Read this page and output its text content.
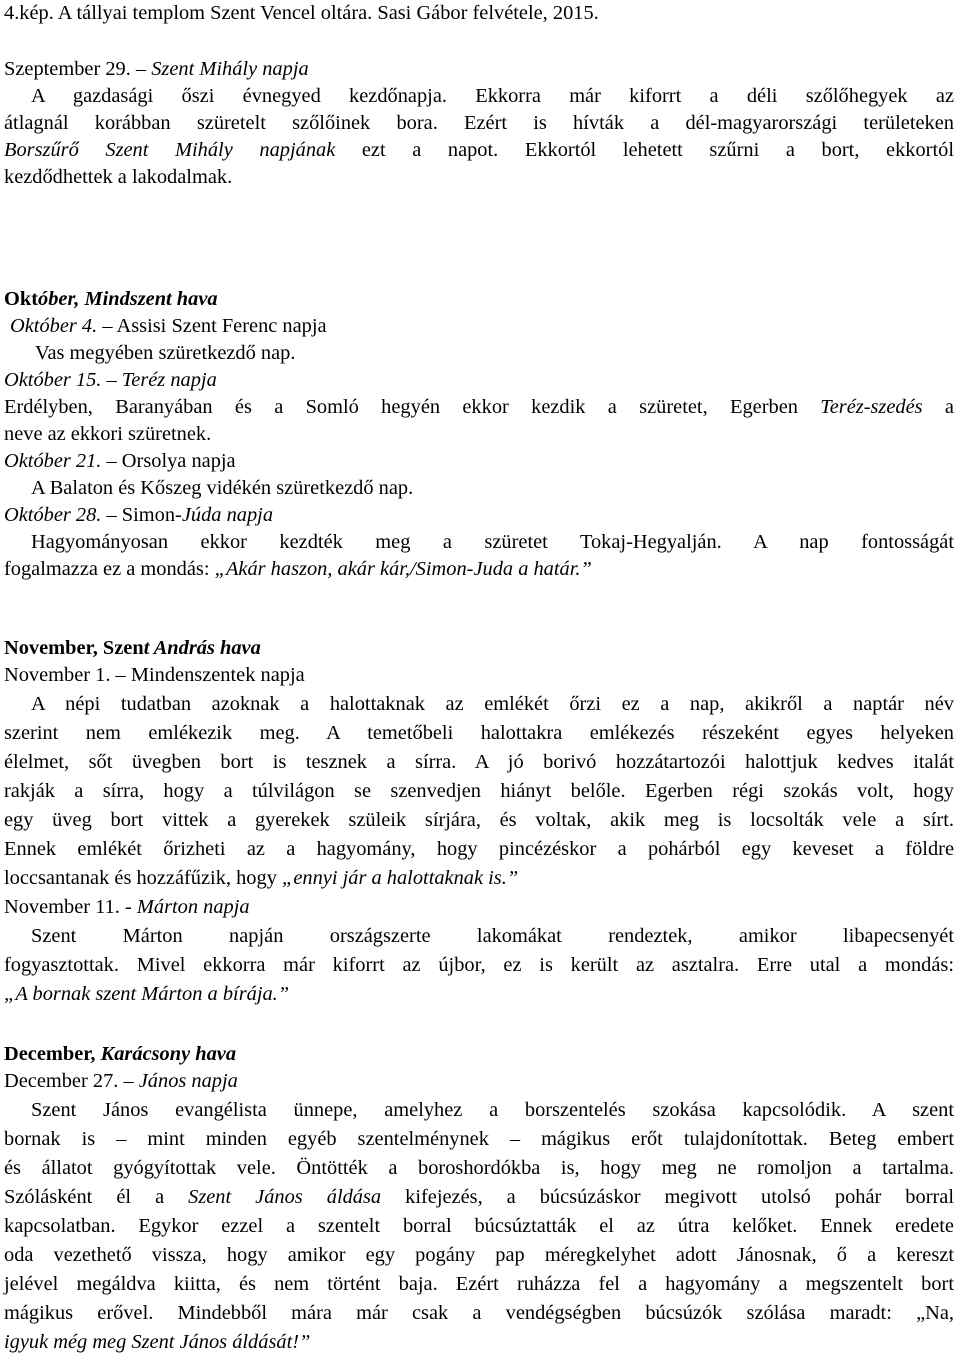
4.kép. A tállyai templom Szent Vencel oltára. Sasi Gábor felvétele, 2015.
Szeptember 29. – Szent Mihály napja
A gazdasági őszi évnegyed kezdőnapja. Ekkorra már kiforrt a déli szőlőhegyek az
átlagnál korábban szüretelt szőlőinek bora. Ezért is hívták a dél-magyarországi területeken
Borszűrő Szent Mihály napjának ezt a napot. Ekkortól lehetett szűrni a bort, ekkortól
kezdődhettek a lakodalmak.
Október, Mindszent hava
Október 4. – Assisi Szent Ferenc napja
Vas megyében szüretkezdő nap.
Október 15. – Teréz napja
Erdélyben, Baranyában és a Somló hegyén ekkor kezdik a szüretet, Egerben Teréz-szedés a
neve az ekkori szüretnek.
Október 21. – Orsolya napja
A Balaton és Kőszeg vidékén szüretkezdő nap.
Október 28. – Simon-Júda napja
Hagyományosan ekkor kezdték meg a szüretet Tokaj-Hegyalján. A nap fontosságát
fogalmazza ez a mondás: „Akár haszon, akár kár,/Simon-Juda a határ.”
November, Szent András hava
November 1. – Mindenszentek napja
A népi tudatban azoknak a halottaknak az emlékét őrzi ez a nap, akikről a naptár név
szerint nem emlékezik meg. A temetőbeli halottakra emlékezés részeként egyes helyeken
élelmet, sőt üvegben bort is tesznek a sírra. A jó borivó hozzátartozói halottjuk kedves italát
rakják a sírra, hogy a túlvilágon se szenvedjen hiányt belőle. Egerben régi szokás volt, hogy
egy üveg bort vittek a gyerekek szüleik sírjára, és voltak, akik meg is locsolták vele a sírt.
Ennek emlékét őrizheti az a hagyomány, hogy pincézéskor a pohárból egy keveset a földre
loccsantanak és hozzáfűzik, hogy „ennyi jár a halottaknak is.”
November 11. - Márton napja
Szent Márton napján országszerte lakomákat rendeztek, amikor libapecsenyét
fogyasztottak. Mivel ekkorra már kiforrt az újbor, ez is került az asztalra. Erre utal a mondás:
„A bornak szent Márton a bírája.”
December, Karácsony hava
December 27. – János napja
Szent János evangélista ünnepe, amelyhez a borszentelés szokása kapcsolódik. A szent
bornak is – mint minden egyéb szentelménynek – mágikus erőt tulajdonítottak. Beteg embert
és állatot gyógyítottak vele. Öntötték a boroshordókba is, hogy meg ne romoljon a tartalma.
Szólásként él a Szent János áldása kifejezés, a búcsúzáskor megivott utolsó pohár borral
kapcsolatban. Egykor ezzel a szentelt borral búcsúztatták el az útra kelőket. Ennek eredete
oda vezethető vissza, hogy amikor egy pogány pap méregkelyhet adott Jánosnak, ő a kereszt
jelével megáldva kiitta, és nem történt baja. Ezért ruházza fel a hagyomány a megszentelt bort
mágikus erővel. Mindebből mára már csak a vendégségben búcsúzók szólása maradt: „Na,
igyuk még meg Szent János áldását!”
